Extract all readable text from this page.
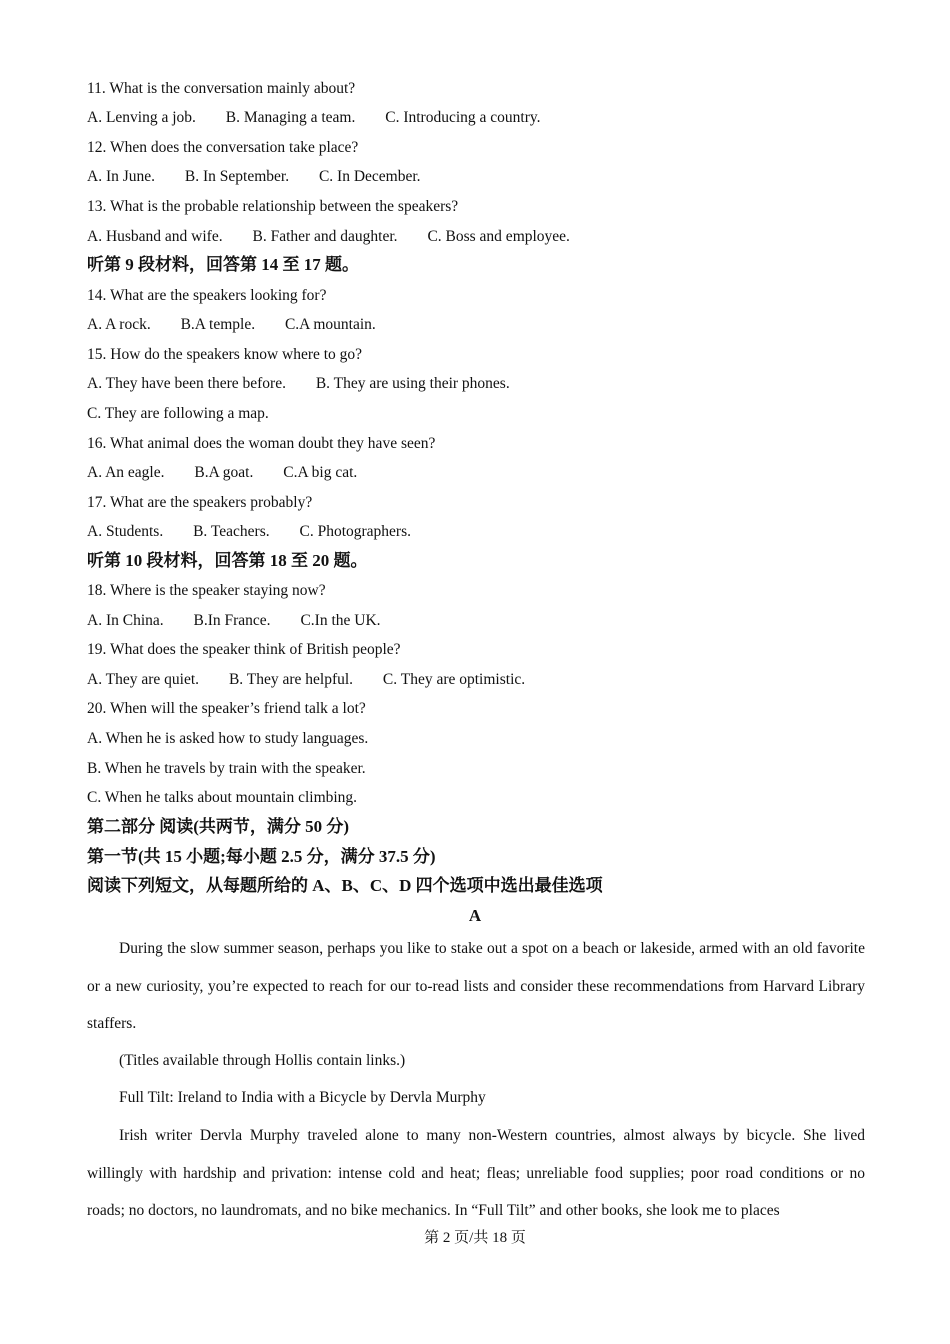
11. What is the conversation mainly about?
A. Lenving a job. B. Managing a team. C. Introducing a country.
12. When does the conversation take place?
A. In June. B. In September. C. In December.
13. What is the probable relationship between the speakers?
A. Husband and wife. B. Father and daughter. C. Boss and employee.
听第 9 段材料，回答第 14 至 17 题。
14. What are the speakers looking for?
A. A rock. B.A temple. C.A mountain.
15. How do the speakers know where to go?
A. They have been there before. B. They are using their phones.
C. They are following a map.
16. What animal does the woman doubt they have seen?
A. An eagle. B.A goat. C.A big cat.
17. What are the speakers probably?
A. Students. B. Teachers. C. Photographers.
听第 10 段材料，回答第 18 至 20 题。
18. Where is the speaker staying now?
A. In China. B.In France. C.In the UK.
19. What does the speaker think of British people?
A. They are quiet. B. They are helpful. C. They are optimistic.
20. When will the speaker’s friend talk a lot?
A. When he is asked how to study languages.
B. When he travels by train with the speaker.
C. When he talks about mountain climbing.
第二部分 阅读(共两节，满分 50 分)
第一节(共 15 小题;每小题 2.5 分，满分 37.5 分)
阅读下列短文，从每题所给的 A、B、C、D 四个选项中选出最佳选项
A
During the slow summer season, perhaps you like to stake out a spot on a beach or lakeside, armed with an old favorite or a new curiosity, you’re expected to reach for our to-read lists and consider these recommendations from Harvard Library staffers.
(Titles available through Hollis contain links.)
Full Tilt: Ireland to India with a Bicycle by Dervla Murphy
Irish writer Dervla Murphy traveled alone to many non-Western countries, almost always by bicycle. She lived willingly with hardship and privation: intense cold and heat; fleas; unreliable food supplies; poor road conditions or no roads; no doctors, no laundromats, and no bike mechanics. In “Full Tilt” and other books, she look me to places
第 2 页/共 18 页
